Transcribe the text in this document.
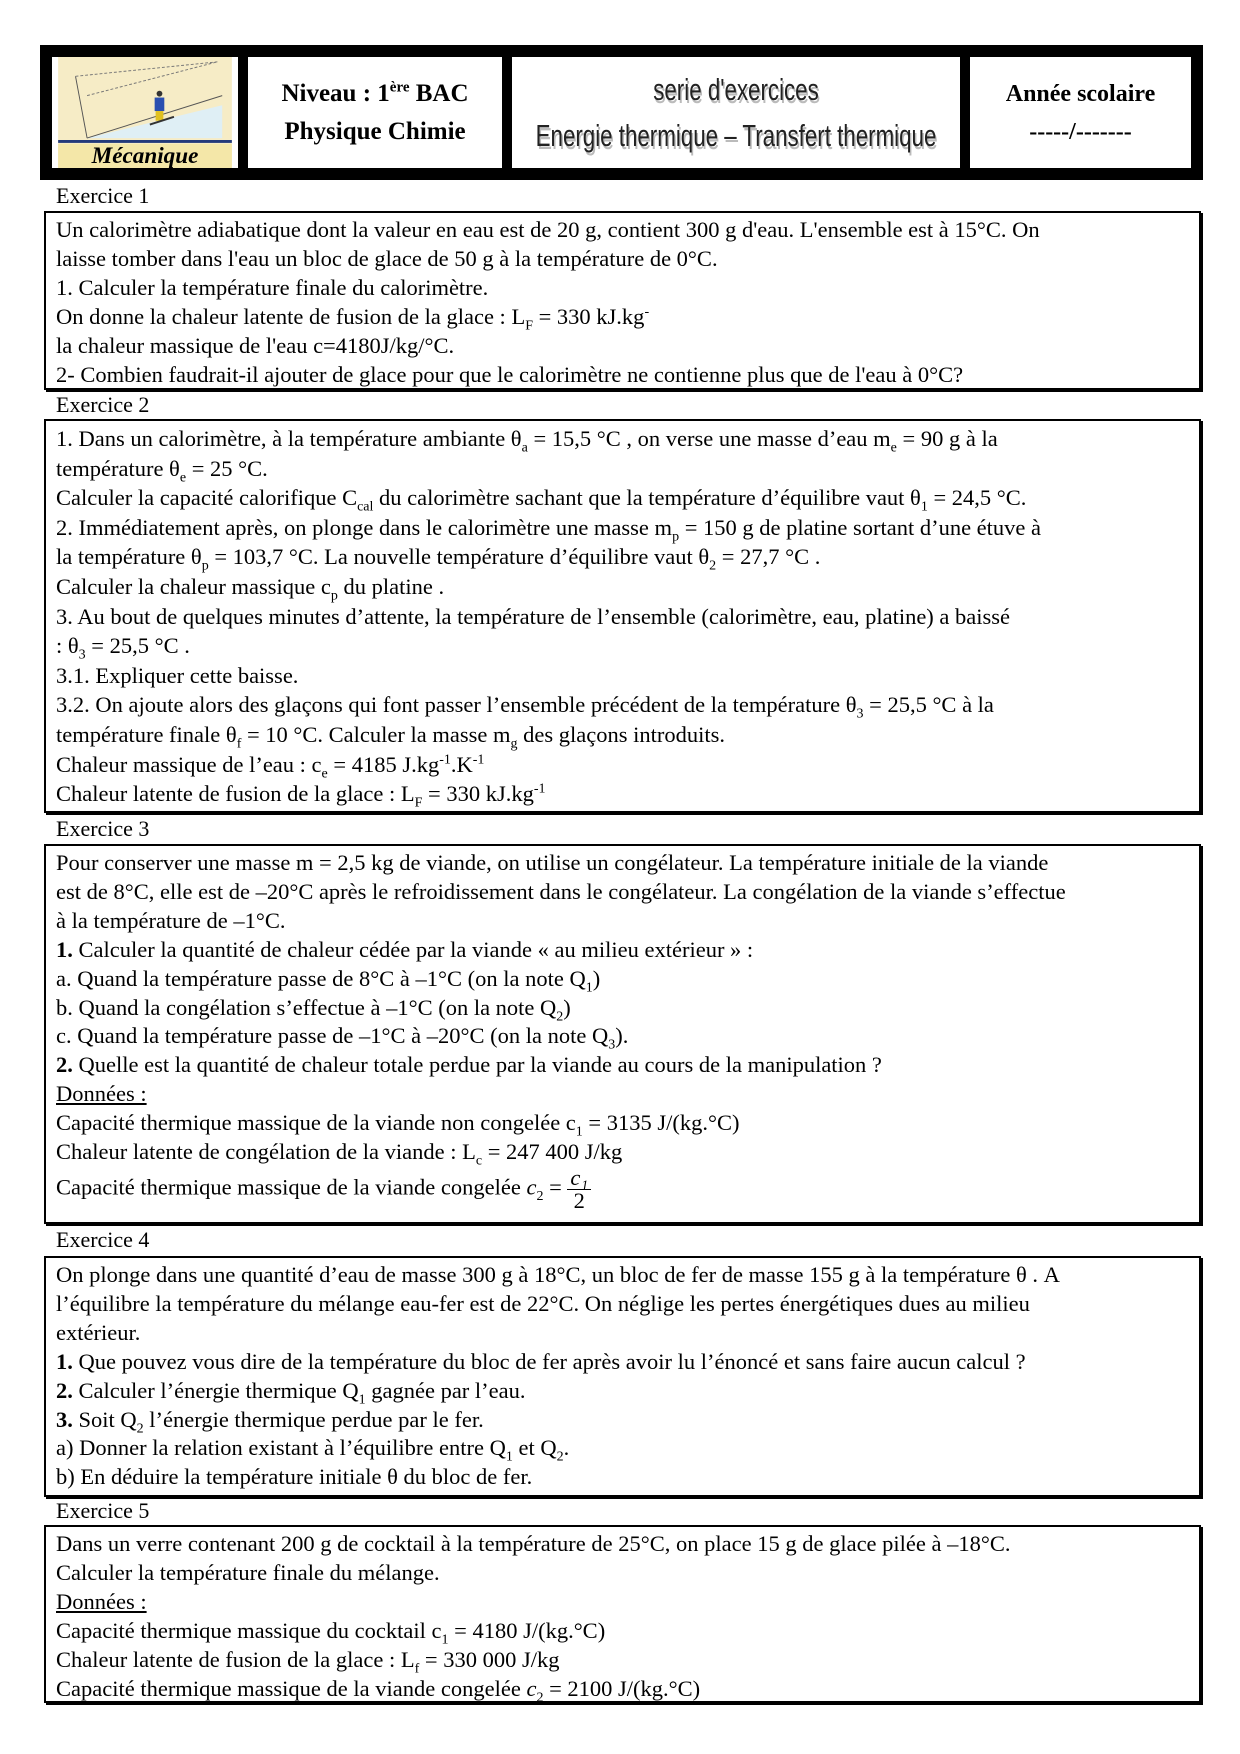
Mécanique
Niveau : 1ère BAC
Physique Chimie
serie d'exercices
Energie thermique – Transfert thermique
Année scolaire
-----/-------
Exercice 1
Un calorimètre adiabatique dont la valeur en eau est de 20 g, contient 300 g d'eau. L'ensemble est à 15°C. On
laisse tomber dans l'eau un bloc de glace de 50 g à la température de 0°C.
1. Calculer la température finale du calorimètre.
On donne la chaleur latente de fusion de la glace : $L_F = 330$ kJ.kg-
la chaleur massique de l'eau c=4180J/kg/°C.
2- Combien faudrait-il ajouter de glace pour que le calorimètre ne contienne plus que de l'eau à 0°C?
Exercice 2
1. Dans un calorimètre, à la température ambiante $\theta_a = 15,5$ °C , on verse une masse d’eau $m_e = 90$ g à la
température $\theta_e = 25$ °C.
Calculer la capacité calorifique $C_{cal}$ du calorimètre sachant que la température d’équilibre vaut $\theta_1 = 24,5$ °C.
2. Immédiatement après, on plonge dans le calorimètre une masse $m_p = 150$ g de platine sortant d’une étuve à
la température $\theta_p = 103,7$ °C. La nouvelle température d’équilibre vaut $\theta_2 = 27,7$ °C .
Calculer la chaleur massique $c_p$ du platine .
3. Au bout de quelques minutes d’attente, la température de l’ensemble (calorimètre, eau, platine) a baissé
: $\theta_3 = 25,5$ °C .
3.1. Expliquer cette baisse.
3.2. On ajoute alors des glaçons qui font passer l’ensemble précédent de la température $\theta_3 = 25,5$ °C à la
température finale $\theta_f = 10$ °C. Calculer la masse $m_g$ des glaçons introduits.
Chaleur massique de l’eau : $c_e = 4185$ $J.kg^{-1}.K^{-1}$
Chaleur latente de fusion de la glace : $L_F = 330$ $kJ.kg^{-1}$
Exercice 3
Pour conserver une masse m = 2,5 kg de viande, on utilise un congélateur. La température initiale de la viande
est de 8°C, elle est de –20°C après le refroidissement dans le congélateur. La congélation de la viande s’effectue
à la température de –1°C.
1. Calculer la quantité de chaleur cédée par la viande « au milieu extérieur » :
a. Quand la température passe de 8°C à –1°C (on la note $Q_1$)
b. Quand la congélation s’effectue à –1°C (on la note $Q_2$)
c. Quand la température passe de –1°C à –20°C (on la note $Q_3$).
2. Quelle est la quantité de chaleur totale perdue par la viande au cours de la manipulation ?
Données :
Capacité thermique massique de la viande non congelée $c_1 = 3135$ J/(kg.°C)
Chaleur latente de congélation de la viande : $L_c = 247$ 400 J/kg
Capacité thermique massique de la viande congelée $c_2 = \frac{\text{c₁}}{2}$
Exercice 4
On plonge dans une quantité d’eau de masse 300 g à 18°C, un bloc de fer de masse 155 g à la température θ . A
l’équilibre la température du mélange eau-fer est de 22°C. On néglige les pertes énergétiques dues au milieu
extérieur.
1. Que pouvez vous dire de la température du bloc de fer après avoir lu l’énoncé et sans faire aucun calcul ?
2. Calculer l’énergie thermique $Q_1$ gagnée par l’eau.
3. Soit $Q_2$ l’énergie thermique perdue par le fer.
a) Donner la relation existant à l’équilibre entre $Q_1$ et $Q_2$.
b) En déduire la température initiale θ du bloc de fer.
Exercice 5
Dans un verre contenant 200 g de cocktail à la température de 25°C, on place 15 g de glace pilée à –18°C.
Calculer la température finale du mélange.
Données :
Capacité thermique massique du cocktail $c_1 = 4180$ J/(kg.°C)
Chaleur latente de fusion de la glace : $L_f = 330$ 000 J/kg
Capacité thermique massique de la viande congelée $c_2 = 2100$ J/(kg.°C)
